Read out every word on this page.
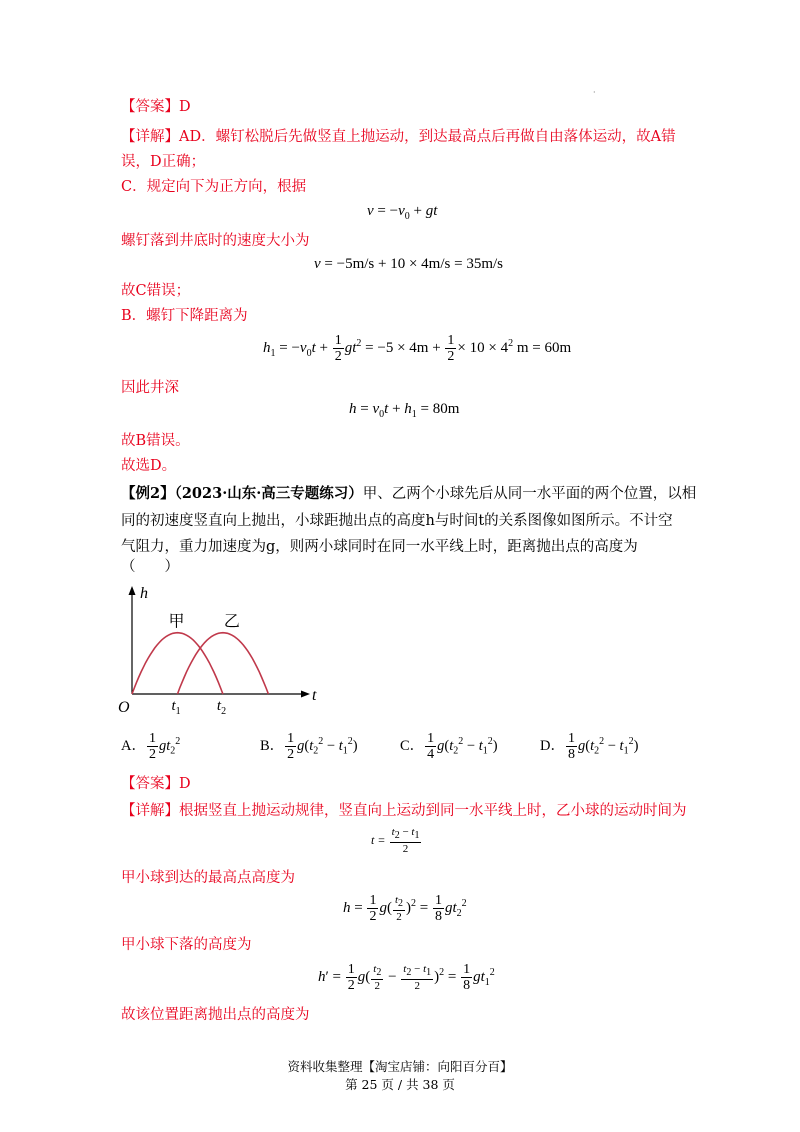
·
【答案】D
【详解】AD．螺钉松脱后先做竖直上抛运动，到达最高点后再做自由落体运动，故A错
误，D正确；
C．规定向下为正方向，根据
$v = -v_0$ + gt
螺钉落到井底时的速度大小为
v = −5m/s + 10 × 4m/s = 35m/s
故C错误；
B．螺钉下降距离为
$h_1 = -v_0t + \frac{1}{2} gt^2 = -5 \times 4m + \frac{1}{2} \times 10 \times 4^2$ m = 60m
因此井深
$h = v_0t + h_1 = 80m$
故B错误。
故选D。
【例2】（2023·山东·高三专题练习）甲、乙两个小球先后从同一水平面的两个位置，以相
同的初速度竖直向上抛出，小球距抛出点的高度h与时间t的关系图像如图所示。不计空
气阻力，重力加速度为g，则两小球同时在同一水平线上时，距离抛出点的高度为
（　　）
t
h
O
甲 乙
$t_1$ $t_2$
A． $\frac{1}{2} gt_2^2$	B． $\frac{1}{2} g(t_2^2 - t_1^2)$	C． $\frac{1}{4} g(t_2^2 - t_1^2)$	D． $\frac{1}{8} g(t_2^2 - t_1^2)$
【答案】D
【详解】根据竖直上抛运动规律，竖直向上运动到同一水平线上时，乙小球的运动时间为
$t = \frac{t_2 - t_1}{2}$
甲小球到达的最高点高度为
$h = \frac{1}{2} g( \frac{t_2}{2} )^2 = \frac{1}{8} gt_2^2$
甲小球下落的高度为
$h' = \frac{1}{2} g( \frac{t_2}{2} - \frac{t_2 - t_1}{2} )^2 = \frac{1}{8} gt_1^2$
故该位置距离抛出点的高度为
资料收集整理【淘宝店铺：向阳百分百】
第 25 页 / 共 38 页
